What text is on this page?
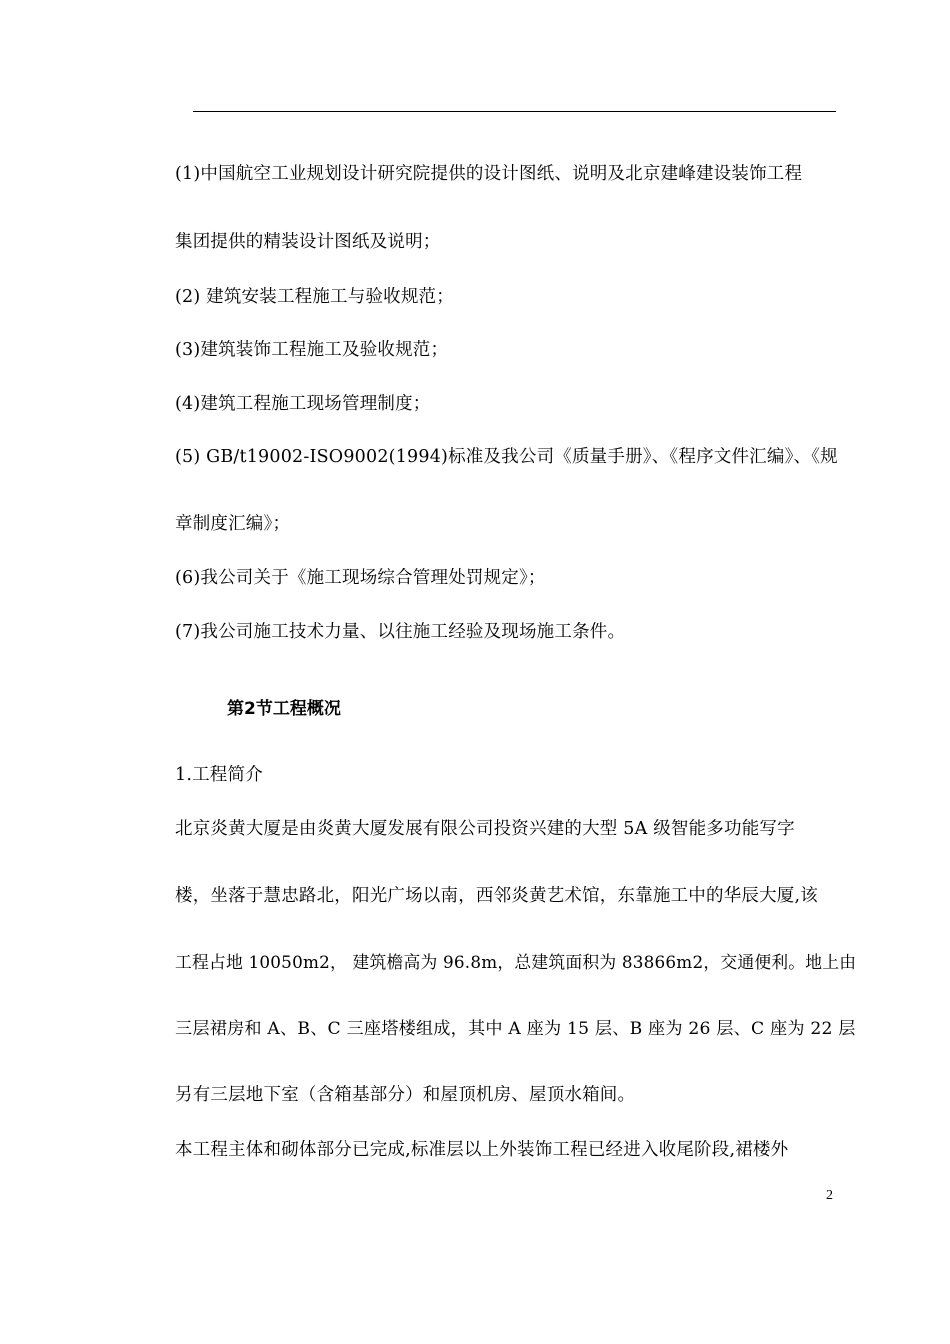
(1)中国航空工业规划设计研究院提供的设计图纸、说明及北京建峰建设装饰工程
集团提供的精装设计图纸及说明；
(2) 建筑安装工程施工与验收规范；
(3)建筑装饰工程施工及验收规范；
(4)建筑工程施工现场管理制度；
(5) GB/t19002-ISO9002(1994)标准及我公司《质量手册》、《程序文件汇编》、《规
章制度汇编》；
(6)我公司关于《施工现场综合管理处罚规定》；
(7)我公司施工技术力量、以往施工经验及现场施工条件。
第2节工程概况
1.工程简介
北京炎黄大厦是由炎黄大厦发展有限公司投资兴建的大型 5A 级智能多功能写字
楼，坐落于慧忠路北，阳光广场以南，西邻炎黄艺术馆，东靠施工中的华辰大厦,该
工程占地 10050m2， 建筑檐高为 96.8m，总建筑面积为 83866m2，交通便利。地上由
三层裙房和 A、B、C 三座塔楼组成，其中 A 座为 15 层、B 座为 26 层、C 座为 22 层
另有三层地下室（含箱基部分）和屋顶机房、屋顶水箱间。
本工程主体和砌体部分已完成,标准层以上外装饰工程已经进入收尾阶段,裙楼外
2
